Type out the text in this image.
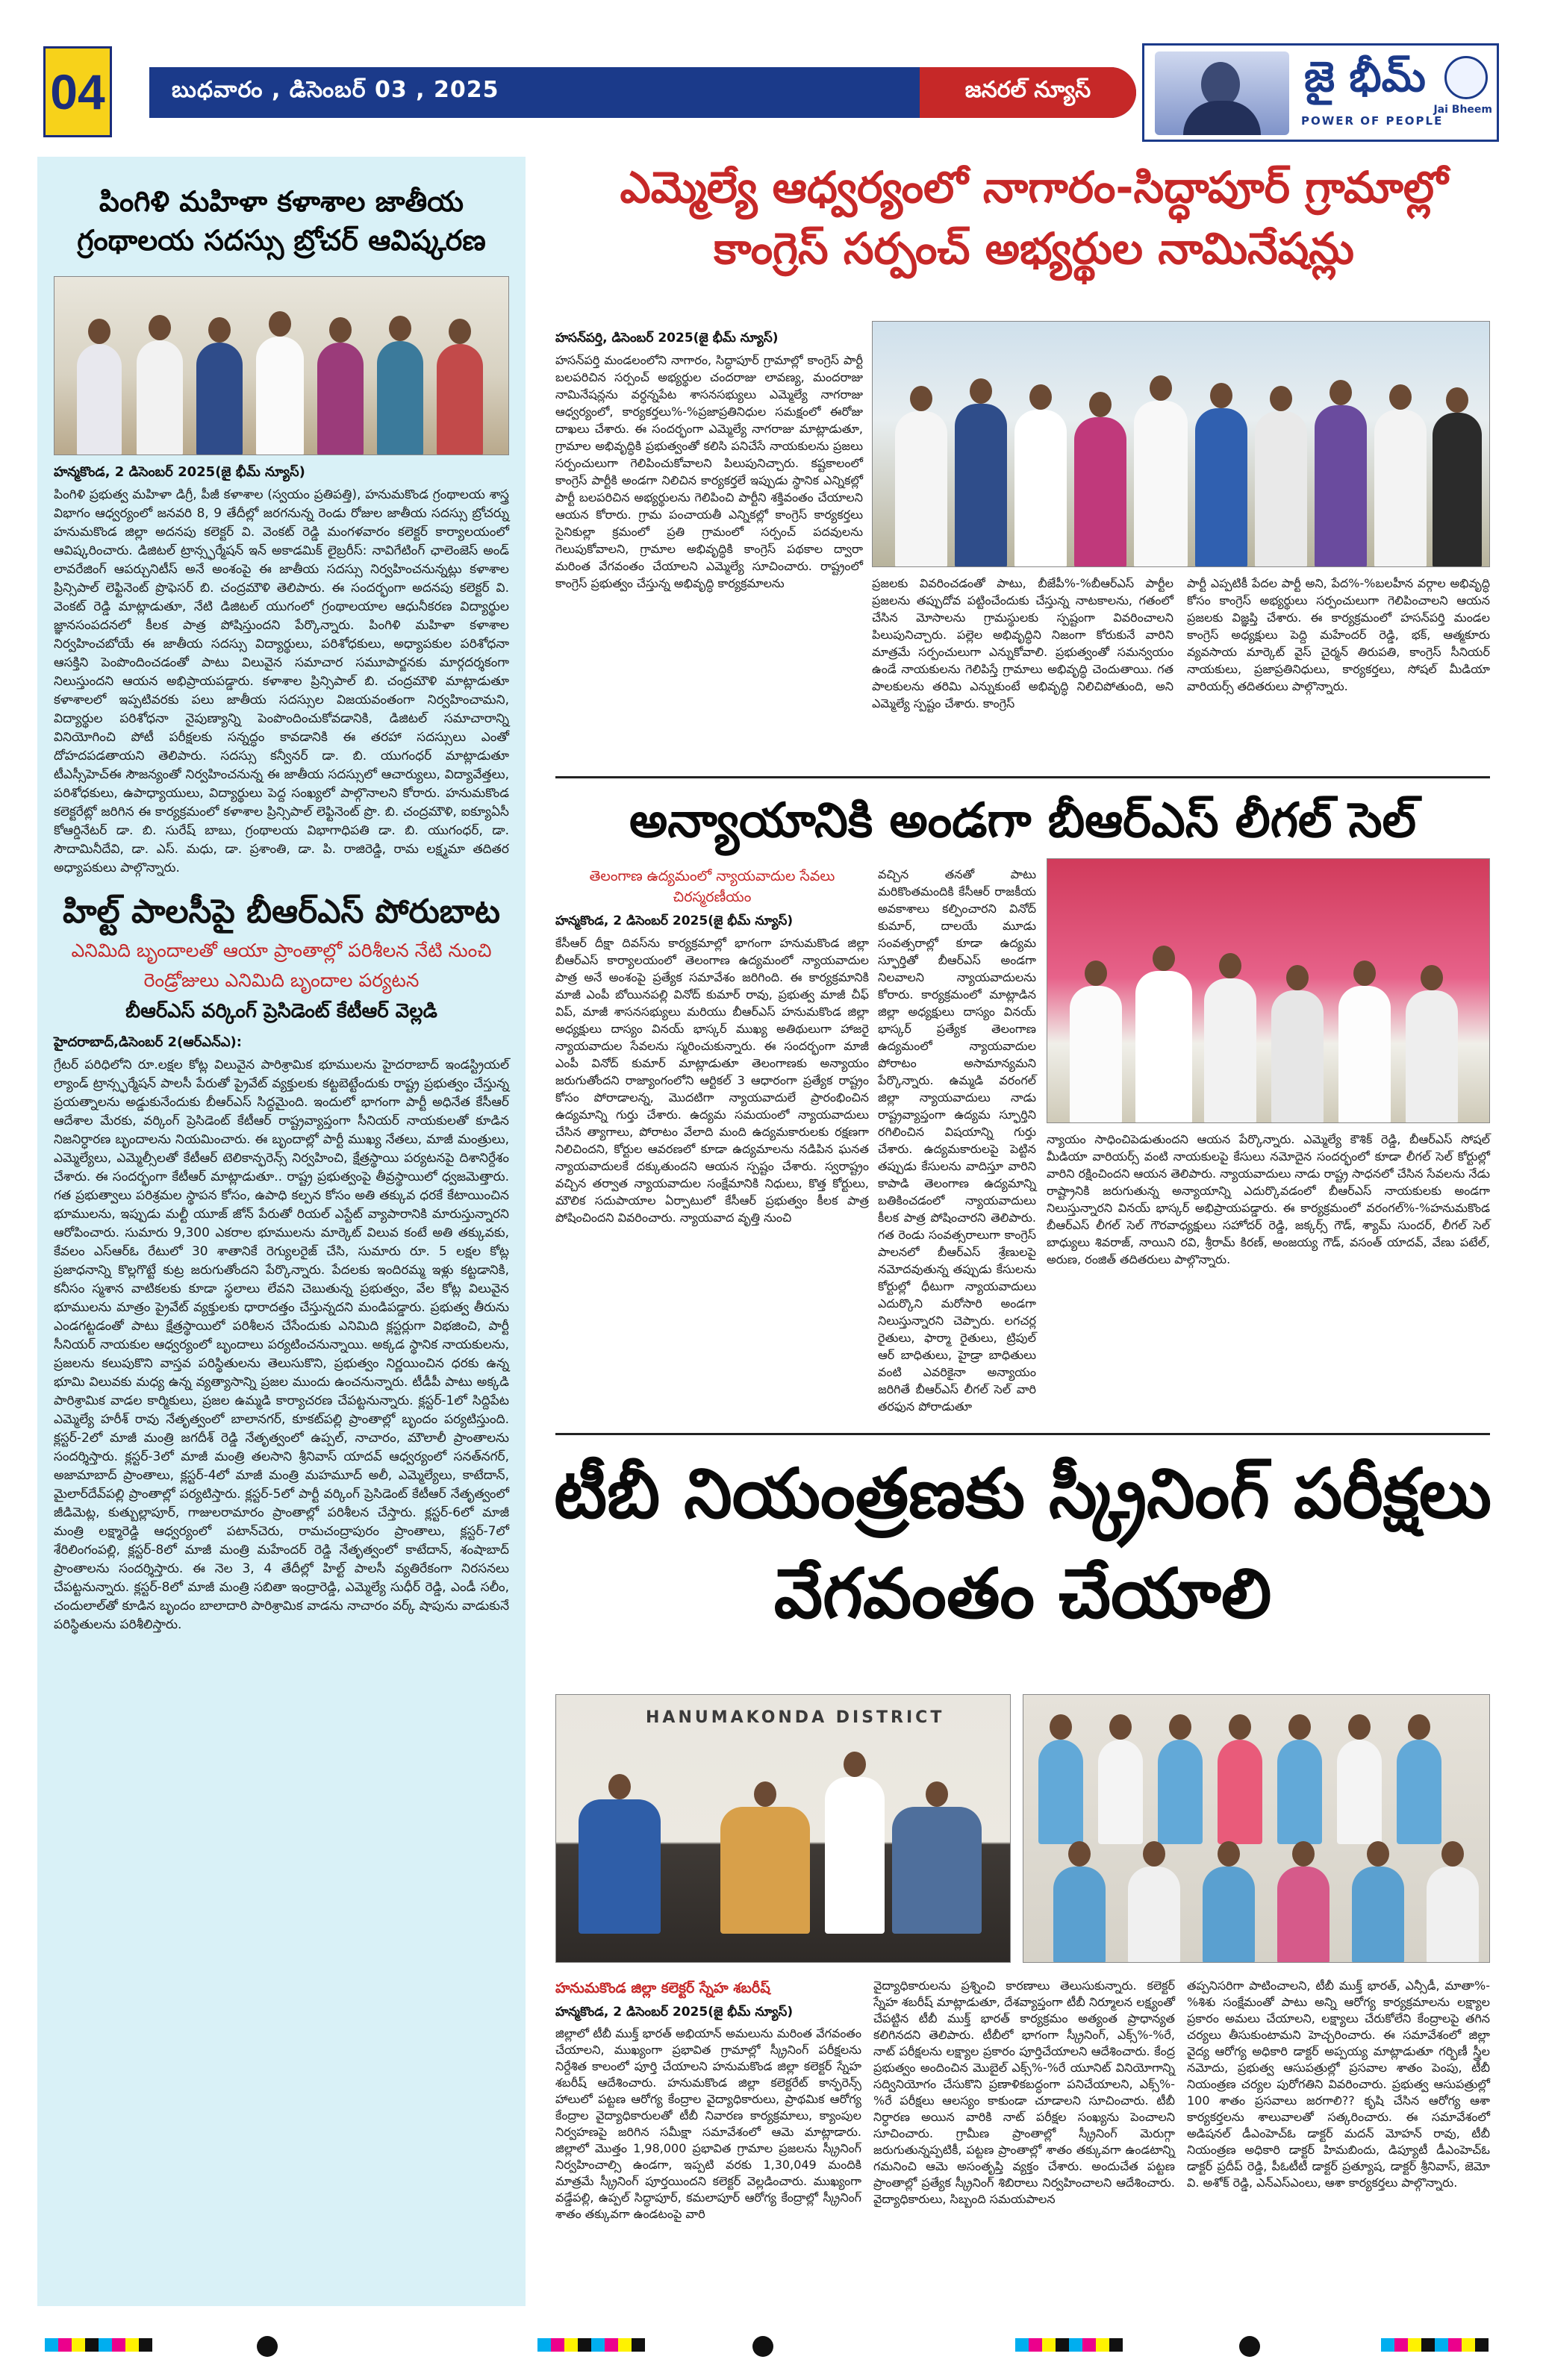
04	బుధవారం , డిసెంబర్ 03 , 2025	జనరల్ న్యూస్	జై భీమ్
POWER OF PEOPLE
Jai Bheem
పింగిళి మహిళా కళాశాల జాతీయ గ్రంథాలయ సదస్సు బ్రోచర్ ఆవిష్కరణ
హన్మకొండ, 2 డిసెంబర్ 2025(జై భీమ్ న్యూస్)
పింగిళి ప్రభుత్వ మహిళా డిగ్రీ, పీజీ కళాశాల (స్వయం ప్రతిపత్తి), హనుమకొండ గ్రంథాలయ శాస్త్ర విభాగం ఆధ్వర్యంలో జనవరి 8, 9 తేదీల్లో జరగనున్న రెండు రోజుల జాతీయ సదస్సు బ్రోచర్ను హనుమకొండ జిల్లా అదనపు కలెక్టర్ వి. వెంకట్ రెడ్డి మంగళవారం కలెక్టర్ కార్యాలయంలో ఆవిష్కరించారు. డిజిటల్ ట్రాన్స్ఫర్మేషన్ ఇన్ అకాడమిక్ లైబ్రరీస్: నావిగేటింగ్ ఛాలెంజెస్ అండ్ లావరేజింగ్ ఆపర్చునిటీస్ అనే అంశంపై ఈ జాతీయ సదస్సు నిర్వహించనున్నట్లు కళాశాల ప్రిన్సిపాల్ లెఫ్టినెంట్ ప్రొఫెసర్ బి. చంద్రమౌళి తెలిపారు. ఈ సందర్భంగా అదనపు కలెక్టర్ వి. వెంకట్ రెడ్డి మాట్లాడుతూ, నేటి డిజిటల్ యుగంలో గ్రంథాలయాల ఆధునీకరణ విద్యార్థుల జ్ఞానసంపదనలో కీలక పాత్ర పోషిస్తుందని పేర్కొన్నారు. పింగిళి మహిళా కళాశాల నిర్వహించబోయే ఈ జాతీయ సదస్సు విద్యార్థులు, పరిశోధకులు, అధ్యాపకుల పరిశోధనా ఆసక్తిని పెంపొందించడంతో పాటు విలువైన సమాచార సమూపార్జనకు మార్గదర్శకంగా నిలుస్తుందని ఆయన అభిప్రాయపడ్డారు. కళాశాల ప్రిన్సిపాల్ బి. చంద్రమౌళి మాట్లాడుతూ కళాశాలలో ఇప్పటివరకు పలు జాతీయ సదస్సుల విజయవంతంగా నిర్వహించామని, విద్యార్థుల పరిశోధనా నైపుణ్యాన్ని పెంపొందించుకోవడానికి, డిజిటల్ సమాచారాన్ని వినియోగించి పోటీ పరీక్షలకు సన్నద్ధం కావడానికి ఈ తరహా సదస్సులు ఎంతో దోహదపడతాయని తెలిపారు. సదస్సు కన్వీనర్ డా. బి. యుగంధర్ మాట్లాడుతూ టీఎస్సీహెచ్ఈ సౌజన్యంతో నిర్వహించనున్న ఈ జాతీయ సదస్సులో ఆచార్యులు, విద్యావేత్తలు, పరిశోధకులు, ఉపాధ్యాయులు, విద్యార్థులు పెద్ద సంఖ్యలో పాల్గొనాలని కోరారు. హనుమకొండ కలెక్టరేట్లో జరిగిన ఈ కార్యక్రమంలో కళాశాల ప్రిన్సిపాల్ లెఫ్టినెంట్ ప్రొ. బి. చంద్రమౌళి, ఐక్యూఏసీ కోఆర్డినేటర్ డా. బి. సురేష్ బాబు, గ్రంథాలయ విభాగాధిపతి డా. బి. యుగంధర్, డా. సౌదామినీదేవి, డా. ఎస్. మధు, డా. ప్రశాంతి, డా. పి. రాజిరెడ్డి, రామ లక్ష్మమా తదితర అధ్యాపకులు పాల్గొన్నారు.
హిల్ట్ పాలసీపై బీఆర్ఎస్ పోరుబాట
ఎనిమిది బృందాలతో ఆయా ప్రాంతాల్లో పరిశీలన నేటి నుంచి రెండ్రోజులు ఎనిమిది బృందాల పర్యటన
బీఆర్ఎస్ వర్కింగ్ ప్రెసిడెంట్ కేటీఆర్ వెల్లడి
హైదరాబాద్,డిసెంబర్ 2(ఆర్ఎన్ఎ):
గ్రేటర్ పరిధిలోని రూ.లక్షల కోట్ల విలువైన పారిశ్రామిక భూములను హైదరాబాద్ ఇండస్ట్రియల్ ల్యాండ్ ట్రాన్స్ఫర్మేషన్ పాలసీ పేరుతో ప్రైవేట్ వ్యక్తులకు కట్టబెట్టేందుకు రాష్ట్ర ప్రభుత్వం చేస్తున్న ప్రయత్నాలను అడ్డుకునేందుకు బీఆర్ఎస్ సిద్ధమైంది. ఇందులో భాగంగా పార్టీ అధినేత కేసీఆర్ ఆదేశాల మేరకు, వర్కింగ్ ప్రెసిడెంట్ కేటీఆర్ రాష్ట్రవ్యాప్తంగా సీనియర్ నాయకులతో కూడిన నిజనిర్ధారణ బృందాలను నియమించారు. ఈ బృందాల్లో పార్టీ ముఖ్య నేతలు, మాజీ మంత్రులు, ఎమ్మెల్యేలు, ఎమ్మెల్సీలతో కేటీఆర్ టెలికాన్ఫరెన్స్ నిర్వహించి, క్షేత్రస్థాయి పర్యటనపై దిశానిర్దేశం చేశారు. ఈ సందర్భంగా కేటీఆర్ మాట్లాడుతూ.. రాష్ట్ర ప్రభుత్వంపై తీవ్రస్థాయిలో ధ్వజమెత్తారు. గత ప్రభుత్వాలు పరిశ్రమల స్థాపన కోసం, ఉపాధి కల్పన కోసం అతి తక్కువ ధరకే కేటాయించిన భూములను, ఇప్పుడు మల్టీ యూజ్ జోన్ పేరుతో రియల్ ఎస్టేట్ వ్యాపారానికి మారుస్తున్నారని ఆరోపించారు. సుమారు 9,300 ఎకరాల భూములను మార్కెట్ విలువ కంటే అతి తక్కువకు, కేవలం ఎస్ఆర్ఓ రేటులో 30 శాతానికే రెగ్యులరైజ్ చేసి, సుమారు రూ. 5 లక్షల కోట్ల ప్రజాధనాన్ని కొల్లగొట్టే కుట్ర జరుగుతోందని పేర్కొన్నారు. పేదలకు ఇందిరమ్మ ఇళ్లు కట్టడానికి, కనీసం స్మశాన వాటికలకు కూడా స్థలాలు లేవని చెబుతున్న ప్రభుత్వం, వేల కోట్ల విలువైన భూములను మాత్రం ప్రైవేట్ వ్యక్తులకు ధారాదత్తం చేస్తున్నదని మండిపడ్డారు. ప్రభుత్వ తీరును ఎండగట్టడంతో పాటు క్షేత్రస్థాయిలో పరిశీలన చేసేందుకు ఎనిమిది క్లస్టర్లుగా విభజించి, పార్టీ సీనియర్ నాయకుల ఆధ్వర్యంలో బృందాలు పర్యటించనున్నాయి. అక్కడ స్థానిక నాయకులను, ప్రజలను కలుపుకొని వాస్తవ పరిస్థితులను తెలుసుకొని, ప్రభుత్వం నిర్ణయించిన ధరకు ఉన్న భూమి విలువకు మధ్య ఉన్న వ్యత్యాసాన్ని ప్రజల ముందు ఉంచనున్నారు. టీడీపీ పాటు అక్కడి పారిశ్రామిక వాడల కార్మికులు, ప్రజల ఉమ్మడి కార్యాచరణ చేపట్టనున్నారు. క్లస్టర్-1లో సిద్దిపేట ఎమ్మెల్యే హరీశ్ రావు నేతృత్వంలో బాలానగర్, కూకట్‌పల్లి ప్రాంతాల్లో బృందం పర్యటిస్తుంది. క్లస్టర్-2లో మాజీ మంత్రి జగదీశ్ రెడ్డి నేతృత్వంలో ఉప్పల్, నాచారం, మౌలాలీ ప్రాంతాలను సందర్శిస్తారు. క్లస్టర్-3లో మాజీ మంత్రి తలసాని శ్రీనివాస్ యాదవ్ ఆధ్వర్యంలో సనత్‌నగర్, అజామాబాద్ ప్రాంతాలు, క్లస్టర్-4లో మాజీ మంత్రి మహమూద్ అలీ, ఎమ్మెల్యేలు, కాటేదాన్, మైలార్‌దేవ్‌పల్లి ప్రాంతాల్లో పర్యటిస్తారు. క్లస్టర్-5లో పార్టీ వర్కింగ్ ప్రెసిడెంట్ కేటీఆర్ నేతృత్వంలో జీడిమెట్ల, కుత్బుల్లాపూర్, గాజులరామారం ప్రాంతాల్లో పరిశీలన చేస్తారు. క్లస్టర్-6లో మాజీ మంత్రి లక్ష్మారెడ్డి ఆధ్వర్యంలో పటాన్‌చెరు, రామచంద్రాపురం ప్రాంతాలు, క్లస్టర్-7లో శేరిలింగంపల్లి, క్లస్టర్-8లో మాజీ మంత్రి మహేందర్ రెడ్డి నేతృత్వంలో కాటేదాన్, శంషాబాద్ ప్రాంతాలను సందర్శిస్తారు. ఈ నెల 3, 4 తేదీల్లో హిల్ట్ పాలసీ వ్యతిరేకంగా నిరసనలు చేపట్టనున్నారు. క్లస్టర్-8లో మాజీ మంత్రి సబితా ఇంద్రారెడ్డి, ఎమ్మెల్యే సుధీర్ రెడ్డి, ఎండీ సలీం, చందులాల్‌తో కూడిన బృందం బాలాదారి పారిశ్రామిక వాడను నాచారం వర్క్ షాపును వాడుకునే పరిస్థితులను పరిశీలిస్తారు.
ఎమ్మెల్యే ఆధ్వర్యంలో నాగారం-సిద్ధాపూర్ గ్రామాల్లో కాంగ్రెస్ సర్పంచ్ అభ్యర్థుల నామినేషన్లు
హసన్‌పర్తి, డిసెంబర్ 2025(జై భీమ్ న్యూస్)
హసన్‌పర్తి మండలంలోని నాగారం, సిద్ధాపూర్ గ్రామాల్లో కాంగ్రెస్ పార్టీ బలపరిచిన సర్పంచ్ అభ్యర్థుల చందరాజు లావణ్య, మందరాజు నామినేషన్లను వర్ధన్నపేట శాసనసభ్యులు ఎమ్మెల్యే నాగరాజు ఆధ్వర్యంలో, కార్యకర్తలు%-%ప్రజాప్రతినిధుల సమక్షంలో ఈరోజు దాఖలు చేశారు. ఈ సందర్భంగా ఎమ్మెల్యే నాగరాజు మాట్లాడుతూ, గ్రామాల అభివృద్ధికి ప్రభుత్వంతో కలిసి పనిచేసే నాయకులను ప్రజలు సర్పంచులుగా గెలిపించుకోవాలని పిలుపునిచ్చారు. కష్టకాలంలో కాంగ్రెస్ పార్టీకి అండగా నిలిచిన కార్యకర్తలే ఇప్పుడు స్థానిక ఎన్నికల్లో పార్టీ బలపరిచిన అభ్యర్థులను గెలిపించి పార్టీని శక్తివంతం చేయాలని ఆయన కోరారు. గ్రామ పంచాయతీ ఎన్నికల్లో కాంగ్రెస్ కార్యకర్తలు సైనికుల్లా క్రమంలో ప్రతి గ్రామంలో సర్పంచ్ పదవులను గెలుపుకోవాలని, గ్రామాల అభివృద్ధికి కాంగ్రెస్ పథకాల ద్వారా మరింత వేగవంతం చేయాలని ఎమ్మెల్యే సూచించారు. రాష్ట్రంలో కాంగ్రెస్ ప్రభుత్వం చేస్తున్న అభివృద్ధి కార్యక్రమాలను	ప్రజలకు వివరించడంతో పాటు, బీజేపీ%-%బీఆర్ఎస్ పార్టీల ప్రజలను తప్పుదోవ పట్టించేందుకు చేస్తున్న నాటకాలను, గతంలో చేసిన మోసాలను గ్రామస్థులకు స్పష్టంగా వివరించాలని పిలుపునిచ్చారు. పల్లెల అభివృద్ధిని నిజంగా కోరుకునే వారిని మాత్రమే సర్పంచులుగా ఎన్నుకోవాలి. ప్రభుత్వంతో సమన్వయం ఉండే నాయకులను గెలిపిస్తే గ్రామాలు అభివృద్ధి చెందుతాయి. గత పాలకులను తరిమి ఎన్నుకుంటే అభివృద్ధి నిలిచిపోతుంది, అని ఎమ్మెల్యే స్పష్టం చేశారు. కాంగ్రెస్
పార్టీ ఎప్పటికీ పేదల పార్టీ అని, పేద%-%బలహీన వర్గాల అభివృద్ధి కోసం కాంగ్రెస్ అభ్యర్థులు సర్పంచులుగా గెలిపించాలని ఆయన ప్రజలకు విజ్ఞప్తి చేశారు. ఈ కార్యక్రమంలో హసన్‌పర్తి మండల కాంగ్రెస్ అధ్యక్షులు పెద్ది మహేందర్ రెడ్డి, భక్, ఆత్మకూరు వ్యవసాయ మార్కెట్ వైస్ చైర్మన్ తిరుపతి, కాంగ్రెస్ సీనియర్ నాయకులు, ప్రజాప్రతినిధులు, కార్యకర్తలు, సోషల్ మీడియా వారియర్స్ తదితరులు పాల్గొన్నారు.
అన్యాయానికి అండగా బీఆర్ఎస్ లీగల్ సెల్
తెలంగాణ ఉద్యమంలో న్యాయవాదుల సేవలు చిరస్మరణీయం
హన్మకొండ, 2 డిసెంబర్ 2025(జై భీమ్ న్యూస్)
కేసీఆర్ దీక్షా దివస్‌ను కార్యక్రమాల్లో భాగంగా హనుమకొండ జిల్లా బీఆర్ఎస్ కార్యాలయంలో తెలంగాణ ఉద్యమంలో న్యాయవాదుల పాత్ర అనే అంశంపై ప్రత్యేక సమావేశం జరిగింది. ఈ కార్యక్రమానికి మాజీ ఎంపీ బోయినపల్లి వినోద్ కుమార్ రావు, ప్రభుత్వ మాజీ చీఫ్ విప్, మాజీ శాసనసభ్యులు మరియు బీఆర్ఎస్ హనుమకొండ జిల్లా అధ్యక్షులు దాస్యం వినయ్ భాస్కర్ ముఖ్య అతిథులుగా హాజరై న్యాయవాదుల సేవలను స్మరించుకున్నారు. ఈ సందర్భంగా మాజీ ఎంపీ వినోద్ కుమార్ మాట్లాడుతూ తెలంగాణకు అన్యాయం జరుగుతోందని రాజ్యాంగంలోని ఆర్టికల్ 3 ఆధారంగా ప్రత్యేక రాష్ట్రం కోసం పోరాడాలన్న, మొదటిగా న్యాయవాదులే ప్రారంభించిన ఉద్యమాన్ని గుర్తు చేశారు. ఉద్యమ సమయంలో న్యాయవాదులు చేసిన త్యాగాలు, పోరాటం వేలాది మంది ఉద్యమకారులకు రక్షణగా నిలిచిందని, కోర్టుల ఆవరణలో కూడా ఉద్యమాలను నడిపిన ఘనత న్యాయవాదులకే దక్కుతుందని ఆయన స్పష్టం చేశారు. స్వరాష్ట్రం వచ్చిన తర్వాత న్యాయవాదుల సంక్షేమానికి నిధులు, కొత్త కోర్టులు, మౌలిక సదుపాయాల ఏర్పాటులో కేసీఆర్ ప్రభుత్వం కీలక పాత్ర పోషించిందని వివరించారు. న్యాయవాద వృత్తి నుంచి
వచ్చిన తనతో పాటు మరికొంతమందికి కేసీఆర్ రాజకీయ అవకాశాలు కల్పించారని వినోద్ కుమార్, దాలయే మూడు సంవత్సరాల్లో కూడా ఉద్యమ స్ఫూర్తితో బీఆర్ఎస్ అండగా నిలవాలని న్యాయవాదులను కోరారు. కార్యక్రమంలో మాట్లాడిన జిల్లా అధ్యక్షులు దాస్యం వినయ్ భాస్కర్ ప్రత్యేక తెలంగాణ ఉద్యమంలో న్యాయవాదుల పోరాటం అసామాన్యమని పేర్కొన్నారు. ఉమ్మడి వరంగల్ జిల్లా న్యాయవాదులు నాడు రాష్ట్రవ్యాప్తంగా ఉద్యమ స్ఫూర్తిని రగిలించిన విషయాన్ని గుర్తు చేశారు. ఉద్యమకారులపై పెట్టిన తప్పుడు కేసులను వాదిస్తూ వారిని కాపాడి తెలంగాణ ఉద్యమాన్ని బతికించడంలో న్యాయవాదులు కీలక పాత్ర పోషించారని తెలిపారు. గత రెండు సంవత్సరాలుగా కాంగ్రెస్ పాలనలో బీఆర్ఎస్ శ్రేణులపై నమోదవుతున్న తప్పుడు కేసులను కోర్టుల్లో ధీటుగా న్యాయవాదులు ఎదుర్కొని మరోసారి అండగా నిలుస్తున్నారని చెప్పారు. లగచర్ల రైతులు, ఫార్మా రైతులు, ట్రిపుల్ ఆర్ బాధితులు, హైడ్రా బాధితులు వంటి ఎవరికైనా అన్యాయం జరిగితే బీఆర్ఎస్ లీగల్ సెల్ వారి తరఫున పోరాడుతూ
న్యాయం సాధించిపెడుతుందని ఆయన పేర్కొన్నారు. ఎమ్మెల్యే కౌశిక్ రెడ్డి, బీఆర్ఎస్ సోషల్ మీడియా వారియర్స్ వంటి నాయకులపై కేసులు నమోదైన సందర్భంలో కూడా లీగల్ సెల్ కోర్టుల్లో వారిని రక్షించిందని ఆయన తెలిపారు. న్యాయవాదులు నాడు రాష్ట్ర సాధనలో చేసిన సేవలను నేడు రాష్ట్రానికి జరుగుతున్న అన్యాయాన్ని ఎదుర్కొవడంలో బీఆర్ఎస్ నాయకులకు అండగా నిలుస్తున్నారని వినయ్ భాస్కర్ అభిప్రాయపడ్డారు. ఈ కార్యక్రమంలో వరంగల్%-%హనుమకొండ బీఆర్ఎస్ లీగల్ సెల్ గౌరవాధ్యక్షులు సహోదర్ రెడ్డి, జక్కర్స్ గౌడ్, శ్యామ్ సుందర్, లీగల్ సెల్ బాధ్యులు శివరాజ్, నాయిని రవి, శ్రీరామ్ కిరణ్, అంజయ్య గౌడ్, వసంత్ యాదవ్, వేణు పటేల్, అరుణ, రంజిత్ తదితరులు పాల్గొన్నారు.
టీబీ నియంత్రణకు స్క్రీనింగ్ పరీక్షలు వేగవంతం చేయాలి
HANUMAKONDA DISTRICT
హనుమకొండ జిల్లా కలెక్టర్ స్నేహ శబరీష్
హన్మకొండ, 2 డిసెంబర్ 2025(జై భీమ్ న్యూస్)
జిల్లాలో టీబీ ముక్త్ భారత్ అభియాన్ అమలును మరింత వేగవంతం చేయాలని, ముఖ్యంగా ప్రభావిత గ్రామాల్లో స్క్రీనింగ్ పరీక్షలను నిర్దేశిత కాలంలో పూర్తి చేయాలని హనుమకొండ జిల్లా కలెక్టర్ స్నేహ శబరీష్ ఆదేశించారు. హనుమకొండ జిల్లా కలెక్టరేట్ కాన్ఫరెన్స్ హాలులో పట్టణ ఆరోగ్య కేంద్రాల వైద్యాధికారులు, ప్రాథమిక ఆరోగ్య కేంద్రాల వైద్యాధికారులతో టీబీ నివారణ కార్యక్రమాలు, క్యాంపుల నిర్వహణపై జరిగిన సమీక్షా సమావేశంలో ఆమె మాట్లాడారు. జిల్లాలో మొత్తం 1,98,000 ప్రభావిత గ్రామాల ప్రజలను స్క్రీనింగ్ నిర్వహించాల్సి ఉండగా, ఇప్పటి వరకు 1,30,049 మందికి మాత్రమే స్క్రీనింగ్ పూర్తయిందని కలెక్టర్ వెల్లడించారు. ముఖ్యంగా వడ్డేపల్లి, ఉప్పల్ సిద్ధాపూర్, కమలాపూర్ ఆరోగ్య కేంద్రాల్లో స్క్రీనింగ్ శాతం తక్కువగా ఉండటంపై వారి
వైద్యాధికారులను ప్రశ్నించి కారణాలు తెలుసుకున్నారు. కలెక్టర్ స్నేహ శబరీష్ మాట్లాడుతూ, దేశవ్యాప్తంగా టీబీ నిర్మూలన లక్ష్యంతో చేపట్టిన టీబీ ముక్త్ భారత్ కార్యక్రమం అత్యంత ప్రాధాన్యత కలిగినదని తెలిపారు. టీబీలో భాగంగా స్క్రీనింగ్, ఎక్స్%-%రే, నాట్ పరీక్షలను లక్ష్యాల ప్రకారం పూర్తిచేయాలని ఆదేశించారు. కేంద్ర ప్రభుత్వం అందించిన మొబైల్ ఎక్స్%-%రే యూనిట్ వినియోగాన్ని సద్వినియోగం చేసుకొని ప్రణాళికబద్ధంగా పనిచేయాలని, ఎక్స్%-%రే పరీక్షలు ఆలస్యం కాకుండా చూడాలని సూచించారు. టీబీ నిర్ధారణ అయిన వారికి నాట్ పరీక్షల సంఖ్యను పెంచాలని సూచించారు. గ్రామీణ ప్రాంతాల్లో స్క్రీనింగ్ మెరుగ్గా జరుగుతున్నప్పటికీ, పట్టణ ప్రాంతాల్లో శాతం తక్కువగా ఉండటాన్ని గమనించి ఆమె అసంతృప్తి వ్యక్తం చేశారు. అందుచేత పట్టణ ప్రాంతాల్లో ప్రత్యేక స్క్రీనింగ్ శిబిరాలు నిర్వహించాలని ఆదేశించారు. వైద్యాధికారులు, సిబ్బంది సమయపాలన
తప్పనిసరిగా పాటించాలని, టీబీ ముక్త్ భారత్, ఎన్సీడీ, మాతా%-%శిశు సంక్షేమంతో పాటు అన్ని ఆరోగ్య కార్యక్రమాలను లక్ష్యాల ప్రకారం అమలు చేయాలని, లక్ష్యాలు చేరుకోలేని కేంద్రాలపై తగిన చర్యలు తీసుకుంటామని హెచ్చరించారు. ఈ సమావేశంలో జిల్లా వైద్య ఆరోగ్య అధికారి డాక్టర్ అప్పయ్య మాట్లాడుతూ గర్భిణీ స్త్రీల నమోదు, ప్రభుత్వ ఆసుపత్రుల్లో ప్రసవాల శాతం పెంపు, టీబీ నియంత్రణ చర్యల పురోగతిని వివరించారు. ప్రభుత్వ ఆసుపత్రుల్లో 100 శాతం ప్రసవాలు జరగాలి?? కృషి చేసిన ఆరోగ్య ఆశా కార్యకర్తలను శాలువాలతో సత్కరించారు. ఈ సమావేశంలో అడిషనల్ డీఎంహెచ్ఓ డాక్టర్ మదన్ మోహన్ రావు, టీబీ నియంత్రణ అధికారి డాక్టర్ హిమబిందు, డిప్యూటీ డీఎంహెచ్ఓ డాక్టర్ ప్రదీప్ రెడ్డి, పీఓటీటీ డాక్టర్ ప్రత్యూష, డాక్టర్ శ్రీనివాస్, జెమో వి. అశోక్ రెడ్డి, ఎన్ఎస్ఎంలు, ఆశా కార్యకర్తలు పాల్గొన్నారు.
